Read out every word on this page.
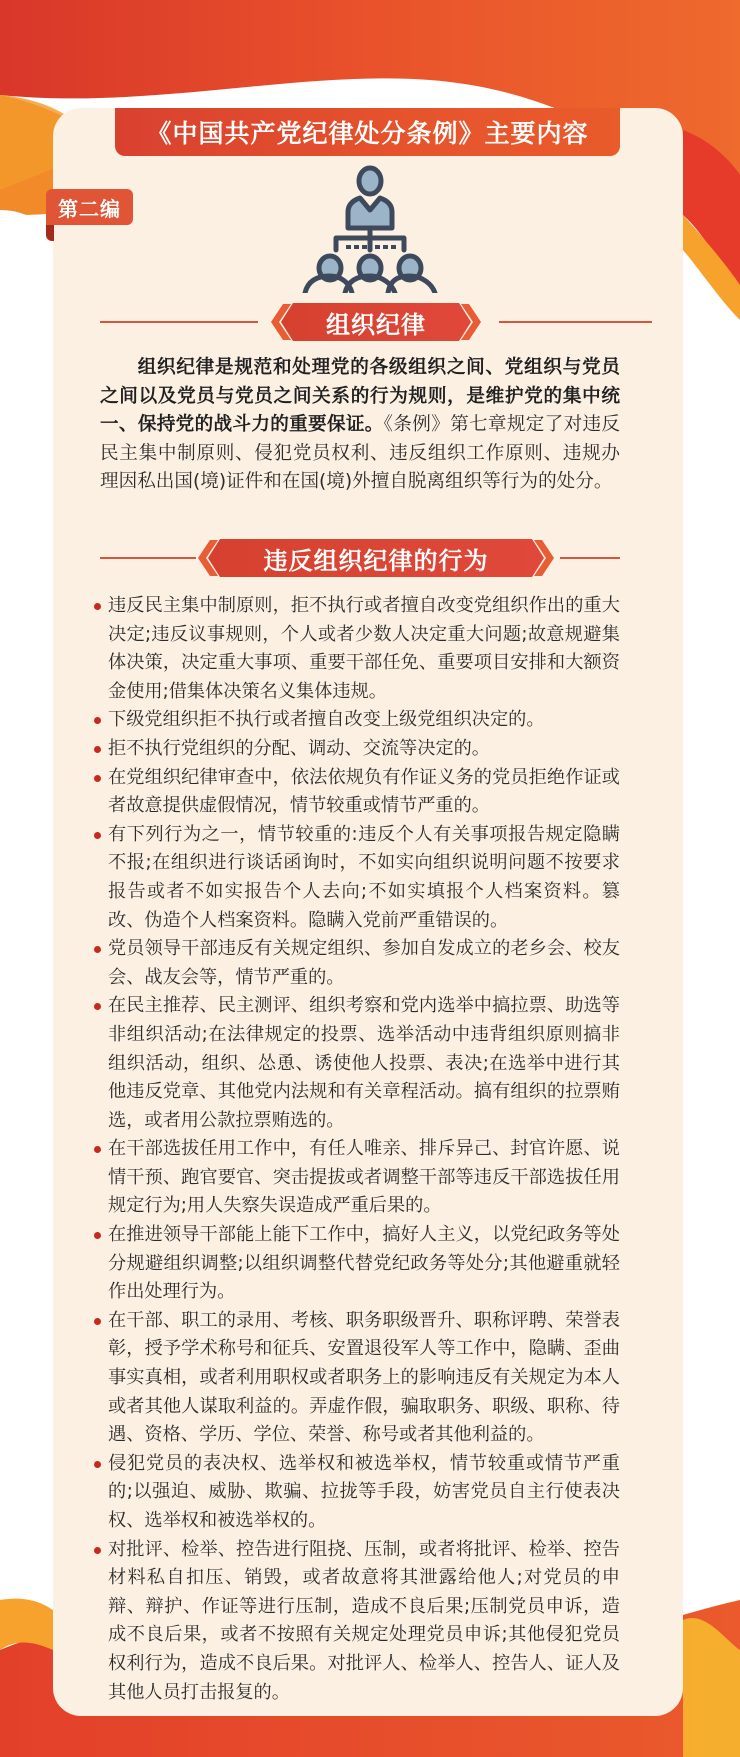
《中国共产党纪律处分条例》主要内容
第二编
组织纪律
组织纪律是规范和处理党的各级组织之间、党组织与党员之间以及党员与党员之间关系的行为规则，是维护党的集中统一、保持党的战斗力的重要保证。《条例》第七章规定了对违反民主集中制原则、侵犯党员权利、违反组织工作原则、违规办理因私出国(境)证件和在国(境)外擅自脱离组织等行为的处分。
违反组织纪律的行为
违反民主集中制原则，拒不执行或者擅自改变党组织作出的重大决定;违反议事规则，个人或者少数人决定重大问题;故意规避集体决策，决定重大事项、重要干部任免、重要项目安排和大额资金使用;借集体决策名义集体违规。
下级党组织拒不执行或者擅自改变上级党组织决定的。
拒不执行党组织的分配、调动、交流等决定的。
在党组织纪律审查中，依法依规负有作证义务的党员拒绝作证或者故意提供虚假情况，情节较重或情节严重的。
有下列行为之一，情节较重的:违反个人有关事项报告规定隐瞒不报;在组织进行谈话函询时，不如实向组织说明问题不按要求报告或者不如实报告个人去向;不如实填报个人档案资料。篡改、伪造个人档案资料。隐瞒入党前严重错误的。
党员领导干部违反有关规定组织、参加自发成立的老乡会、校友会、战友会等，情节严重的。
在民主推荐、民主测评、组织考察和党内选举中搞拉票、助选等非组织活动;在法律规定的投票、选举活动中违背组织原则搞非组织活动，组织、怂恿、诱使他人投票、表决;在选举中进行其他违反党章、其他党内法规和有关章程活动。搞有组织的拉票贿选，或者用公款拉票贿选的。
在干部选拔任用工作中，有任人唯亲、排斥异己、封官许愿、说情干预、跑官要官、突击提拔或者调整干部等违反干部选拔任用规定行为;用人失察失误造成严重后果的。
在推进领导干部能上能下工作中，搞好人主义，以党纪政务等处分规避组织调整;以组织调整代替党纪政务等处分;其他避重就轻作出处理行为。
在干部、职工的录用、考核、职务职级晋升、职称评聘、荣誉表彰，授予学术称号和征兵、安置退役军人等工作中，隐瞒、歪曲事实真相，或者利用职权或者职务上的影响违反有关规定为本人或者其他人谋取利益的。弄虚作假，骗取职务、职级、职称、待遇、资格、学历、学位、荣誉、称号或者其他利益的。
侵犯党员的表决权、选举权和被选举权，情节较重或情节严重的;以强迫、威胁、欺骗、拉拢等手段，妨害党员自主行使表决权、选举权和被选举权的。
对批评、检举、控告进行阻挠、压制，或者将批评、检举、控告材料私自扣压、销毁，或者故意将其泄露给他人;对党员的申辩、辩护、作证等进行压制，造成不良后果;压制党员申诉，造成不良后果，或者不按照有关规定处理党员申诉;其他侵犯党员权利行为，造成不良后果。对批评人、检举人、控告人、证人及其他人员打击报复的。
